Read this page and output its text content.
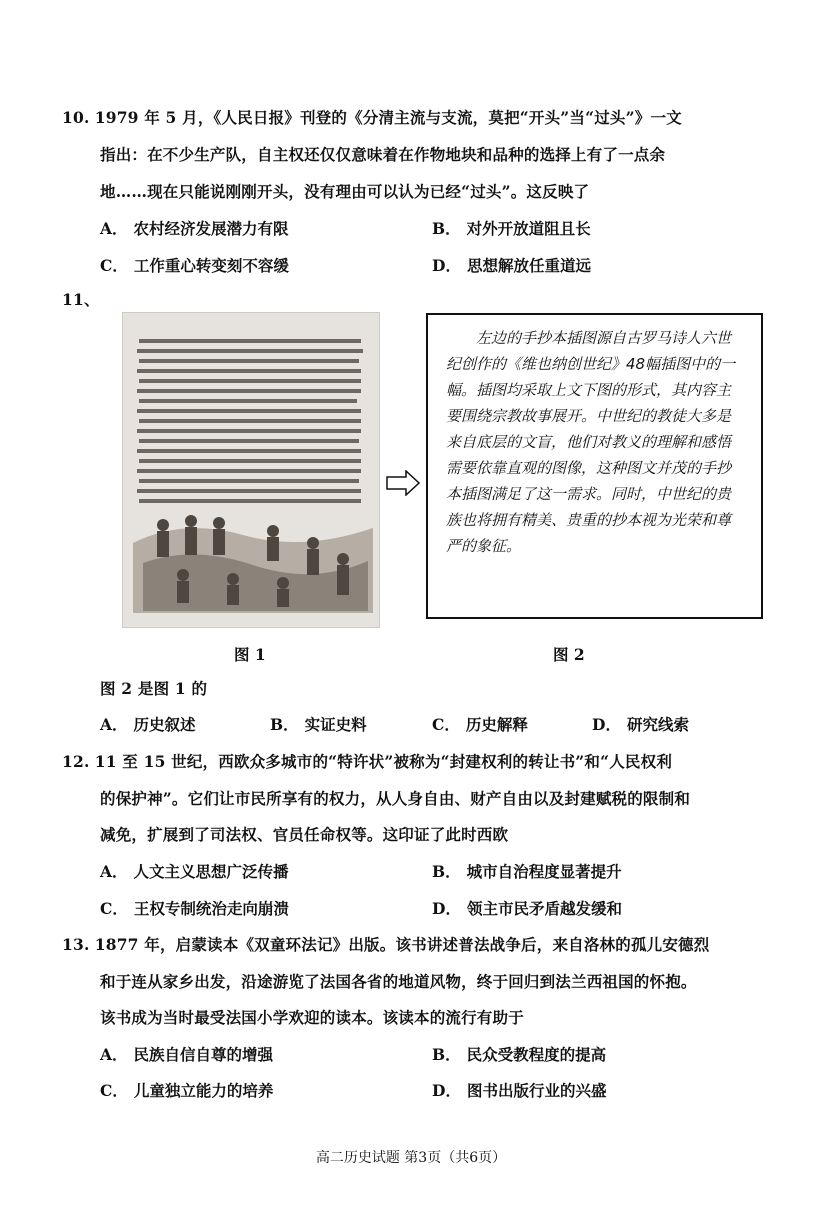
10. 1979 年 5 月，《人民日报》刊登的《分清主流与支流，莫把“开头”当“过头”》一文
指出：在不少生产队，自主权还仅仅意味着在作物地块和品种的选择上有了一点余
地……现在只能说刚刚开头，没有理由可以认为已经“过头”。这反映了
A． 农村经济发展潜力有限	B． 对外开放道阻且长
C． 工作重心转变刻不容缓	D． 思想解放任重道远
11、
左边的手抄本插图源自古罗马诗人六世纪创作的《维也纳创世纪》48幅插图中的一幅。插图均采取上文下图的形式，其内容主要围绕宗教故事展开。中世纪的教徒大多是来自底层的文盲，他们对教义的理解和感悟需要依靠直观的图像，这种图文并茂的手抄本插图满足了这一需求。同时，中世纪的贵族也将拥有精美、贵重的抄本视为光荣和尊严的象征。
图 1	图 2
图 2 是图 1 的
A． 历史叙述	B． 实证史料	C． 历史解释	D． 研究线索
12. 11 至 15 世纪，西欧众多城市的“特许状”被称为“封建权利的转让书”和“人民权利
的保护神”。它们让市民所享有的权力，从人身自由、财产自由以及封建赋税的限制和
减免，扩展到了司法权、官员任命权等。这印证了此时西欧
A． 人文主义思想广泛传播	B． 城市自治程度显著提升
C． 王权专制统治走向崩溃	D． 领主市民矛盾越发缓和
13. 1877 年，启蒙读本《双童环法记》出版。该书讲述普法战争后，来自洛林的孤儿安德烈
和于连从家乡出发，沿途游览了法国各省的地道风物，终于回归到法兰西祖国的怀抱。
该书成为当时最受法国小学欢迎的读本。该读本的流行有助于
A． 民族自信自尊的增强	B． 民众受教程度的提高
C． 儿童独立能力的培养	D． 图书出版行业的兴盛
高二历史试题 第3页（共6页）
